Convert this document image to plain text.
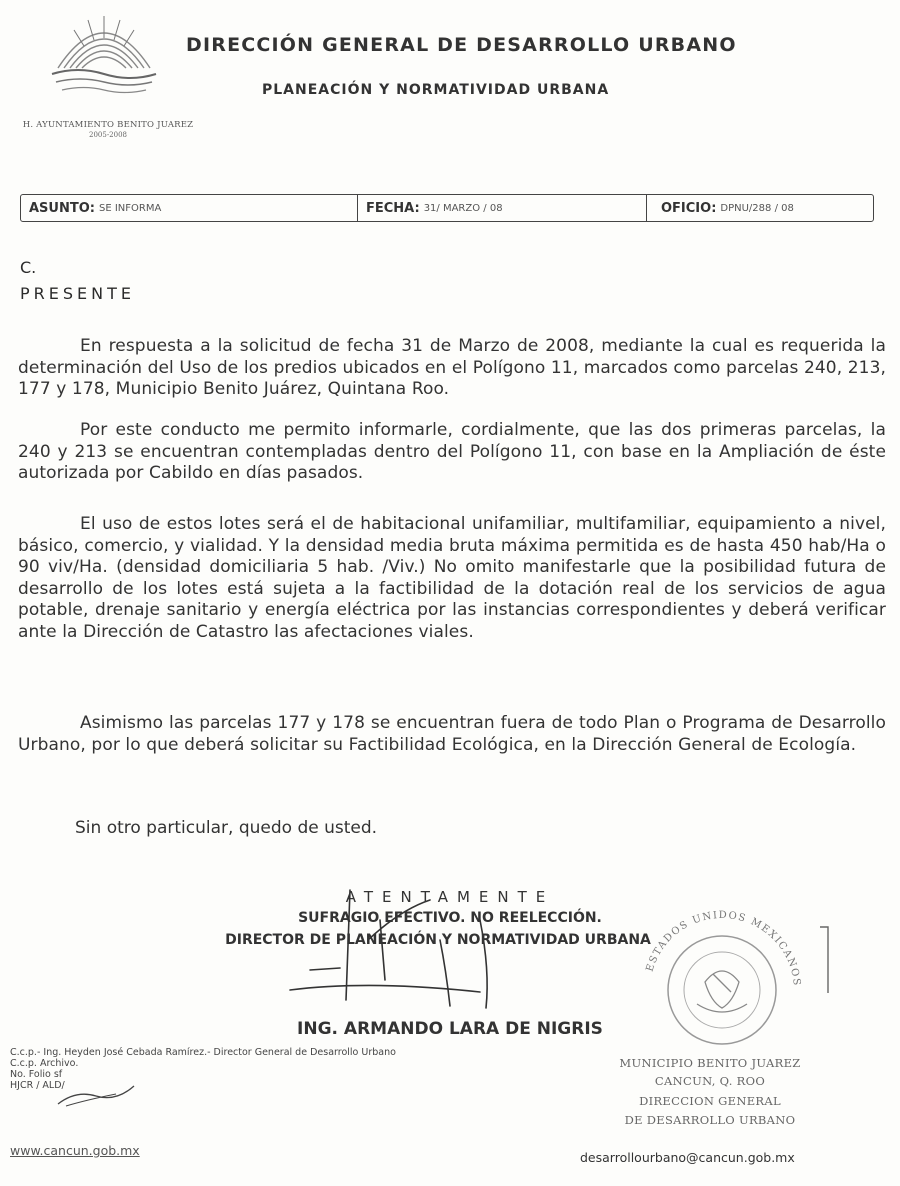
H. AYUNTAMIENTO BENITO JUAREZ
2005-2008
DIRECCIÓN GENERAL DE DESARROLLO URBANO
PLANEACIÓN Y NORMATIVIDAD URBANA
ASUNTO: SE INFORMA	FECHA: 31/ MARZO / 08	OFICIO: DPNU/288 / 08
C.
PRESENTE
En respuesta a la solicitud de fecha 31 de Marzo de 2008, mediante la cual es requerida la determinación del Uso de los predios ubicados en el Polígono 11, marcados como parcelas 240, 213, 177 y 178, Municipio Benito Juárez, Quintana Roo.
Por este conducto me permito informarle, cordialmente, que las dos primeras parcelas, la 240 y 213 se encuentran contempladas dentro del Polígono 11, con base en la Ampliación de éste autorizada por Cabildo en días pasados.
El uso de estos lotes será el de habitacional unifamiliar, multifamiliar, equipamiento a nivel, básico, comercio, y vialidad. Y la densidad media bruta máxima permitida es de hasta 450 hab/Ha o 90 viv/Ha. (densidad domiciliaria 5 hab. /Viv.) No omito manifestarle que la posibilidad futura de desarrollo de los lotes está sujeta a la factibilidad de la dotación real de los servicios de agua potable, drenaje sanitario y energía eléctrica por las instancias correspondientes y deberá verificar ante la Dirección de Catastro las afectaciones viales.
Asimismo las parcelas 177 y 178 se encuentran fuera de todo Plan o Programa de Desarrollo Urbano, por lo que deberá solicitar su Factibilidad Ecológica, en la Dirección General de Ecología.
Sin otro particular, quedo de usted.
ATENTAMENTE
SUFRAGIO EFECTIVO. NO REELECCIÓN.
DIRECTOR DE PLANEACIÓN Y NORMATIVIDAD URBANA
ING. ARMANDO LARA DE NIGRIS
ESTADOS UNIDOS MEXICANOS
MUNICIPIO BENITO JUAREZ
CANCUN, Q. ROO
DIRECCION GENERAL
DE DESARROLLO URBANO
C.c.p.- Ing. Heyden José Cebada Ramírez.- Director General de Desarrollo Urbano
C.c.p. Archivo.
No. Folio sf
HJCR / ALD/
www.cancun.gob.mx	desarrollourbano@cancun.gob.mx
